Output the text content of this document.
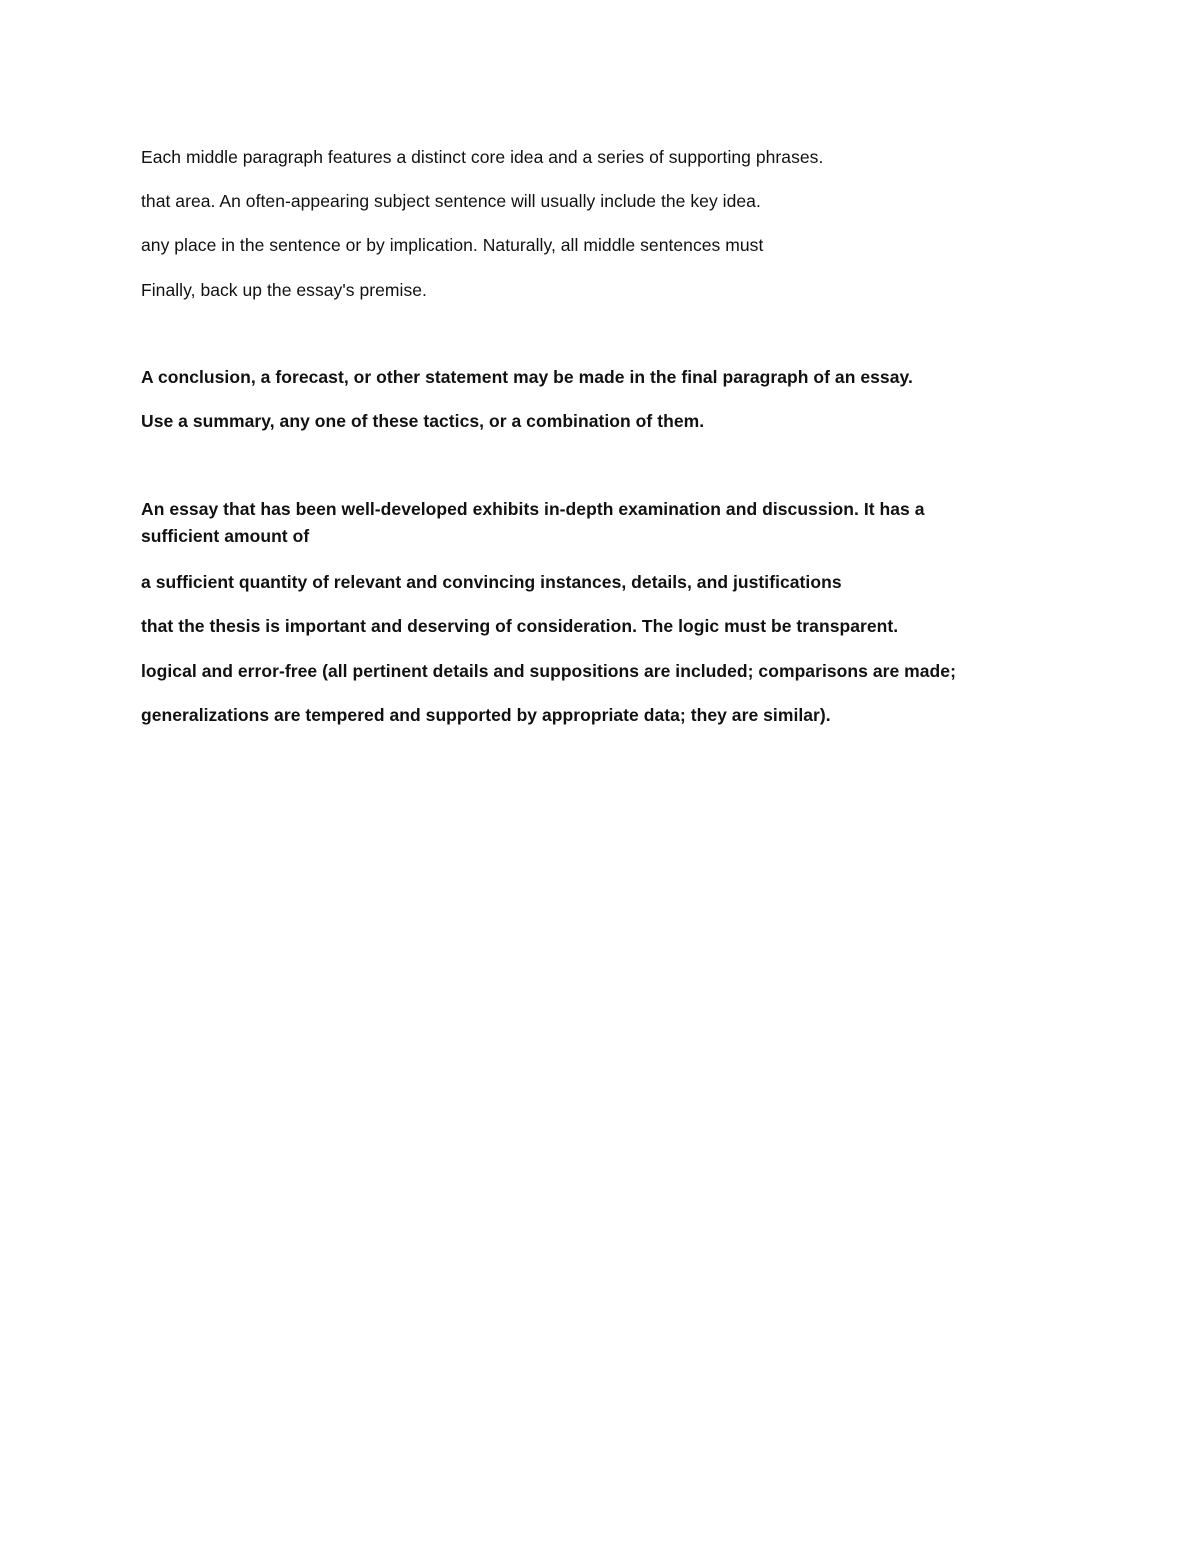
Each middle paragraph features a distinct core idea and a series of supporting phrases.
that area. An often-appearing subject sentence will usually include the key idea.
any place in the sentence or by implication. Naturally, all middle sentences must
Finally, back up the essay's premise.
A conclusion, a forecast, or other statement may be made in the final paragraph of an essay.
Use a summary, any one of these tactics, or a combination of them.
An essay that has been well-developed exhibits in-depth examination and discussion. It has a sufficient amount of
a sufficient quantity of relevant and convincing instances, details, and justifications
that the thesis is important and deserving of consideration. The logic must be transparent.
logical and error-free (all pertinent details and suppositions are included; comparisons are made;
generalizations are tempered and supported by appropriate data; they are similar).
